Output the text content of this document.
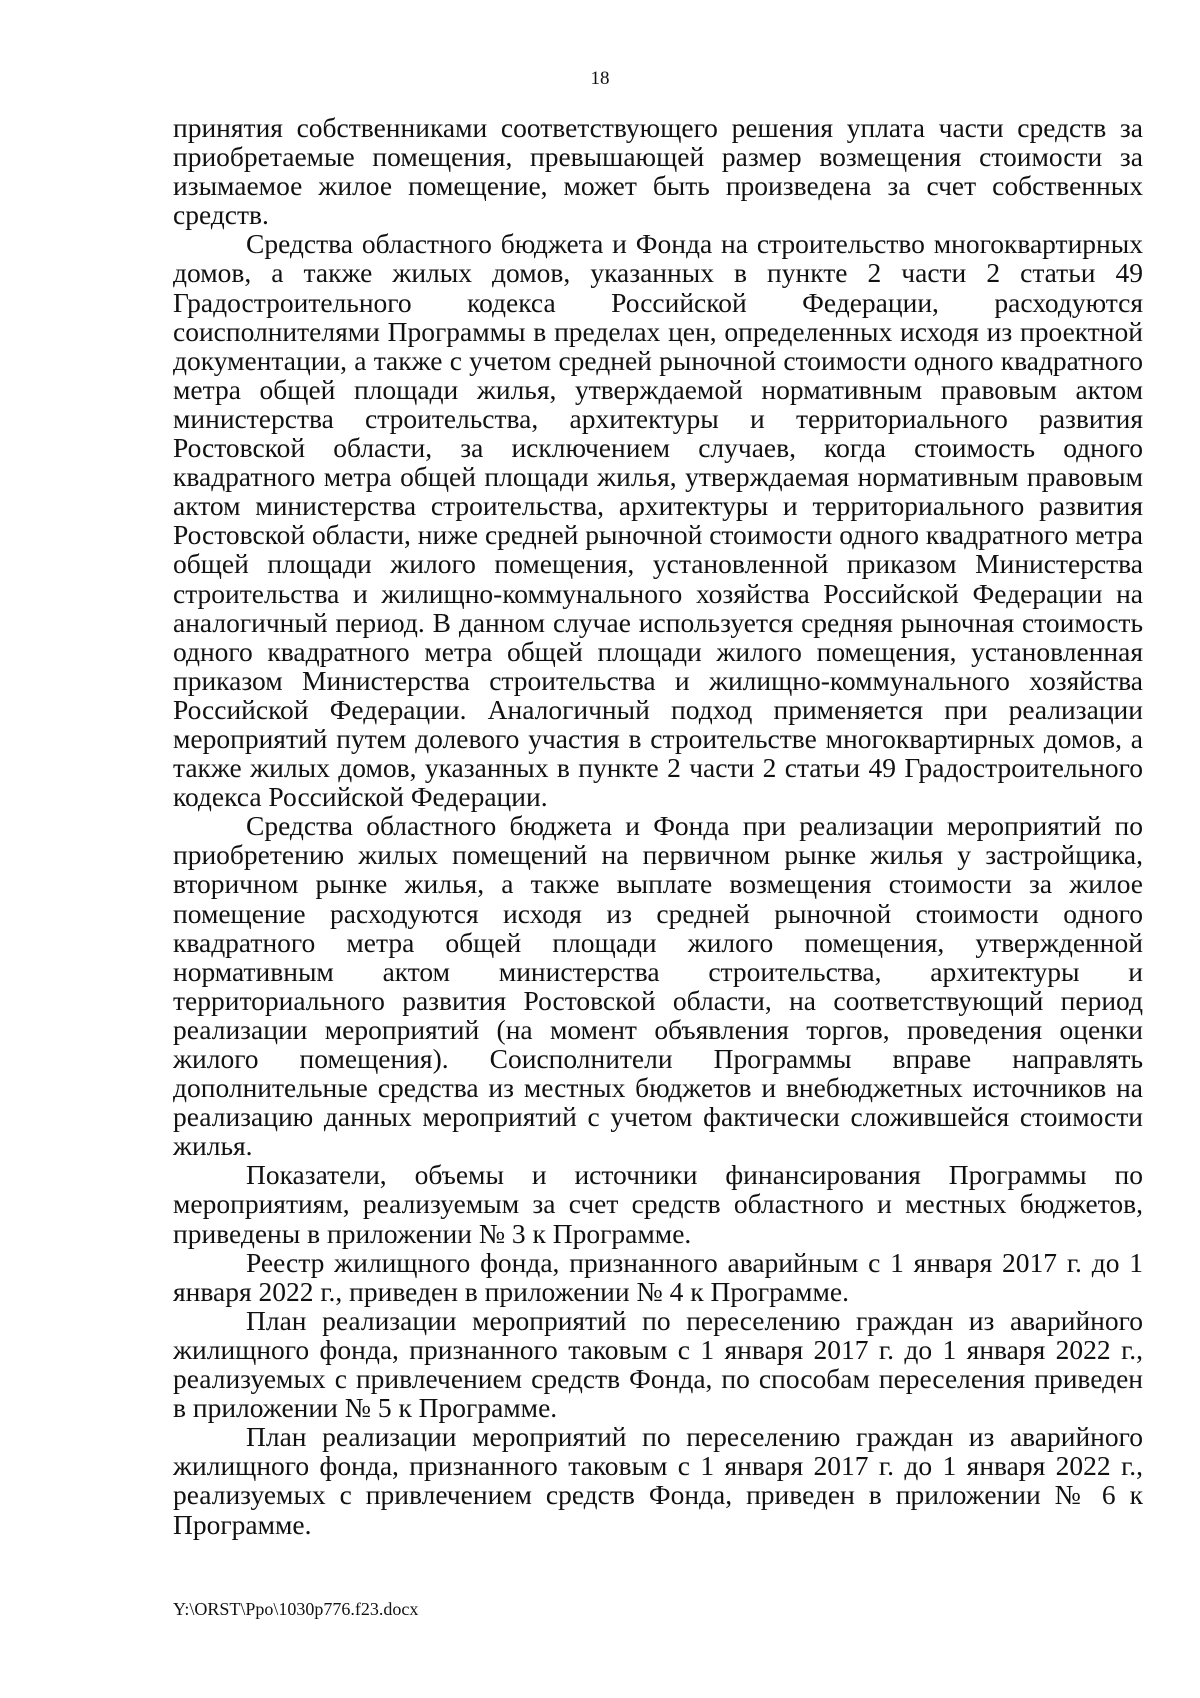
18

принятия собственниками соответствующего решения уплата части средств за приобретаемые помещения, превышающей размер возмещения стоимости за изымаемое жилое помещение, может быть произведена за счет собственных средств.

Средства областного бюджета и Фонда на строительство многоквартирных домов, а также жилых домов, указанных в пункте 2 части 2 статьи 49 Градостроительного кодекса Российской Федерации, расходуются соисполнителями Программы в пределах цен, определенных исходя из проектной документации, а также с учетом средней рыночной стоимости одного квадратного метра общей площади жилья, утверждаемой нормативным правовым актом министерства строительства, архитектуры и территориального развития Ростовской области, за исключением случаев, когда стоимость одного квадратного метра общей площади жилья, утверждаемая нормативным правовым актом министерства строительства, архитектуры и территориального развития Ростовской области, ниже средней рыночной стоимости одного квадратного метра общей площади жилого помещения, установленной приказом Министерства строительства и жилищно-коммунального хозяйства Российской Федерации на аналогичный период. В данном случае используется средняя рыночная стоимость одного квадратного метра общей площади жилого помещения, установленная приказом Министерства строительства и жилищно-коммунального хозяйства Российской Федерации. Аналогичный подход применяется при реализации мероприятий путем долевого участия в строительстве многоквартирных домов, а также жилых домов, указанных в пункте 2 части 2 статьи 49 Градостроительного кодекса Российской Федерации.

Средства областного бюджета и Фонда при реализации мероприятий по приобретению жилых помещений на первичном рынке жилья у застройщика, вторичном рынке жилья, а также выплате возмещения стоимости за жилое помещение расходуются исходя из средней рыночной стоимости одного квадратного метра общей площади жилого помещения, утвержденной нормативным актом министерства строительства, архитектуры и территориального развития Ростовской области, на соответствующий период реализации мероприятий (на момент объявления торгов, проведения оценки жилого помещения). Соисполнители Программы вправе направлять дополнительные средства из местных бюджетов и внебюджетных источников на реализацию данных мероприятий с учетом фактически сложившейся стоимости жилья.

Показатели, объемы и источники финансирования Программы по мероприятиям, реализуемым за счет средств областного и местных бюджетов, приведены в приложении № 3 к Программе.

Реестр жилищного фонда, признанного аварийным с 1 января 2017 г. до 1 января 2022 г., приведен в приложении № 4 к Программе.

План реализации мероприятий по переселению граждан из аварийного жилищного фонда, признанного таковым с 1 января 2017 г. до 1 января 2022 г., реализуемых с привлечением средств Фонда, по способам переселения приведен в приложении № 5 к Программе.

План реализации мероприятий по переселению граждан из аварийного жилищного фонда, признанного таковым с 1 января 2017 г. до 1 января 2022 г., реализуемых с привлечением средств Фонда, приведен в приложении № 6 к Программе.

Y:\ORST\Ppo\1030p776.f23.docx
